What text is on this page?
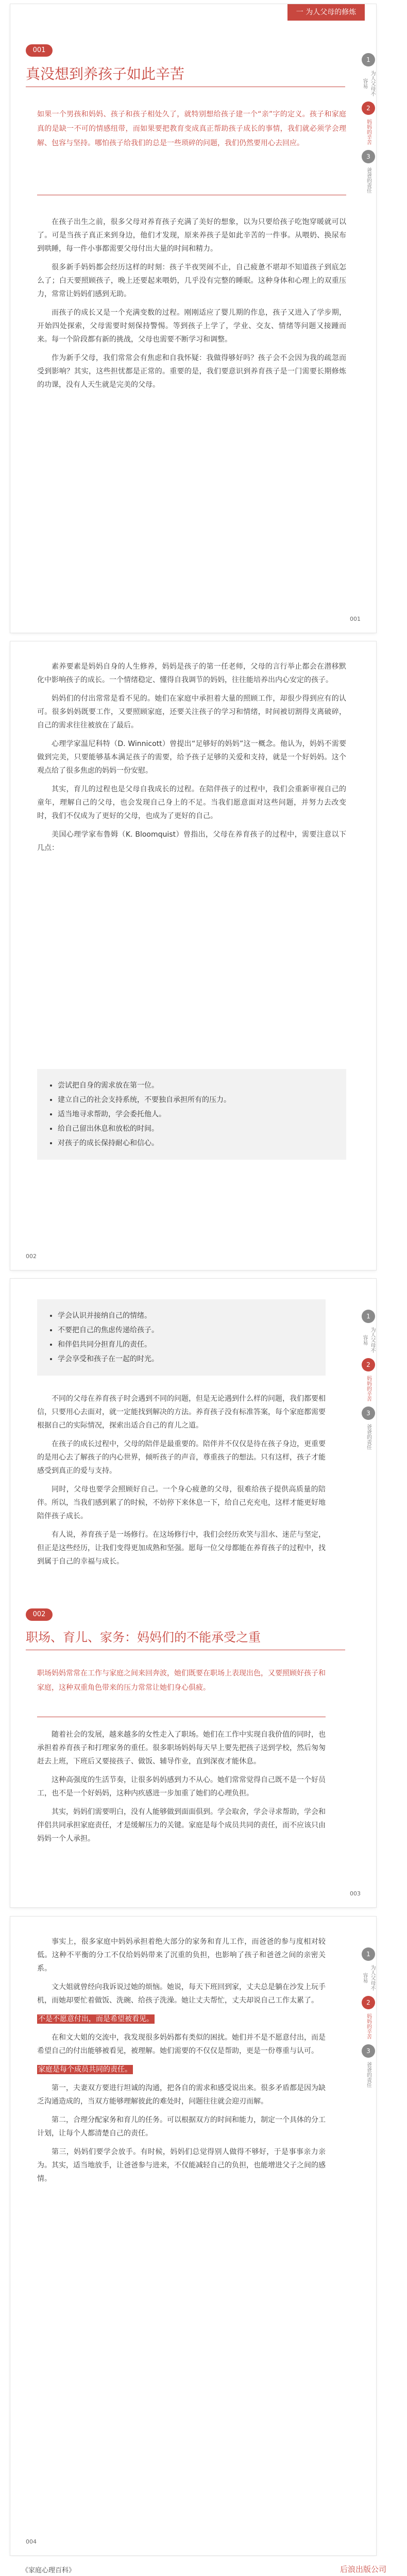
一 为人父母的修炼
1
为人父母不容易
2
妈妈的辛苦
3
爸爸的责任
001
真没想到养孩子如此辛苦
如果一个男孩和妈妈、孩子和孩子相处久了，就特别想给孩子建一个“亲”字的定义。孩子和家庭真的是缺一不可的情感纽带，而如果要把教育变成真正帮助孩子成长的事情，我们就必须学会理解、包容与坚持。哪怕孩子给我们的总是一些琐碎的问题，我们仍然要用心去回应。

在孩子出生之前，很多父母对养育孩子充满了美好的想象，以为只要给孩子吃饱穿暖就可以了。可是当孩子真正来到身边，他们才发现，原来养孩子是如此辛苦的一件事。从喂奶、换尿布到哄睡，每一件小事都需要父母付出大量的时间和精力。

很多新手妈妈都会经历这样的时刻：孩子半夜哭闹不止，自己疲惫不堪却不知道孩子到底怎么了；白天要照顾孩子，晚上还要起来喂奶，几乎没有完整的睡眠。这种身体和心理上的双重压力，常常让妈妈们感到无助。

而孩子的成长又是一个充满变数的过程。刚刚适应了婴儿期的作息，孩子又进入了学步期，开始四处探索，父母需要时刻保持警惕。等到孩子上学了，学业、交友、情绪等问题又接踵而来。每一个阶段都有新的挑战，父母也需要不断学习和调整。

作为新手父母，我们常常会有焦虑和自我怀疑：我做得够好吗？孩子会不会因为我的疏忽而受到影响？其实，这些担忧都是正常的。重要的是，我们要意识到养育孩子是一门需要长期修炼的功课，没有人天生就是完美的父母。

001

素养要素是妈妈自身的人生修养，妈妈是孩子的第一任老师，父母的言行举止都会在潜移默化中影响孩子的成长。一个情绪稳定、懂得自我调节的妈妈，往往能培养出内心安定的孩子。

妈妈们的付出常常是看不见的。她们在家庭中承担着大量的照顾工作，却很少得到应有的认可。很多妈妈既要工作，又要照顾家庭，还要关注孩子的学习和情绪，时间被切割得支离破碎，自己的需求往往被放在了最后。

心理学家温尼科特（D. Winnicott）曾提出“足够好的妈妈”这一概念。他认为，妈妈不需要做到完美，只要能够基本满足孩子的需要，给予孩子足够的关爱和支持，就是一个好妈妈。这个观点给了很多焦虑的妈妈一份安慰。

其实，育儿的过程也是父母自我成长的过程。在陪伴孩子的过程中，我们会重新审视自己的童年，理解自己的父母，也会发现自己身上的不足。当我们愿意面对这些问题，并努力去改变时，我们不仅成为了更好的父母，也成为了更好的自己。

美国心理学家布鲁姆（K. Bloomquist）曾指出，父母在养育孩子的过程中，需要注意以下几点：

• 尝试把自身的需求放在第一位。
• 建立自己的社会支持系统，不要独自承担所有的压力。
• 适当地寻求帮助，学会委托他人。
• 给自己留出休息和放松的时间。
• 对孩子的成长保持耐心和信心。
002
1
为人父母不容易
2
妈妈的辛苦
3
爸爸的责任
• 学会认识并接纳自己的情绪。
• 不要把自己的焦虑传递给孩子。
• 和伴侣共同分担育儿的责任。
• 学会享受和孩子在一起的时光。

不同的父母在养育孩子时会遇到不同的问题，但是无论遇到什么样的问题，我们都要相信，只要用心去面对，就一定能找到解决的方法。养育孩子没有标准答案，每个家庭都需要根据自己的实际情况，探索出适合自己的育儿之道。

在孩子的成长过程中，父母的陪伴是最重要的。陪伴并不仅仅是待在孩子身边，更重要的是用心去了解孩子的内心世界，倾听孩子的声音，尊重孩子的想法。只有这样，孩子才能感受到真正的爱与支持。

同时，父母也要学会照顾好自己。一个身心疲惫的父母，很难给孩子提供高质量的陪伴。所以，当我们感到累了的时候，不妨停下来休息一下，给自己充充电，这样才能更好地陪伴孩子成长。

有人说，养育孩子是一场修行。在这场修行中，我们会经历欢笑与泪水、迷茫与坚定，但正是这些经历，让我们变得更加成熟和坚强。愿每一位父母都能在养育孩子的过程中，找到属于自己的幸福与成长。

002
职场、育儿、家务：妈妈们的不能承受之重
职场妈妈常常在工作与家庭之间来回奔波，她们既要在职场上表现出色，又要照顾好孩子和家庭，这种双重角色带来的压力常常让她们身心俱疲。

随着社会的发展，越来越多的女性走入了职场。她们在工作中实现自我价值的同时，也承担着养育孩子和打理家务的重任。很多职场妈妈每天早上要先把孩子送到学校，然后匆匆赶去上班，下班后又要接孩子、做饭、辅导作业，直到深夜才能休息。

这种高强度的生活节奏，让很多妈妈感到力不从心。她们常常觉得自己既不是一个好员工，也不是一个好妈妈，这种内疚感进一步加重了她们的心理负担。

其实，妈妈们需要明白，没有人能够做到面面俱到。学会取舍，学会寻求帮助，学会和伴侣共同承担家庭责任，才是缓解压力的关键。家庭是每个成员共同的责任，而不应该只由妈妈一个人承担。

003
1
为人父母不容易
2
妈妈的辛苦
3
爸爸的责任

事实上，很多家庭中妈妈承担着绝大部分的家务和育儿工作，而爸爸的参与度相对较低。这种不平衡的分工不仅给妈妈带来了沉重的负担，也影响了孩子和爸爸之间的亲密关系。

文大姐就曾经向我诉说过她的烦恼。她说，每天下班回到家，丈夫总是躺在沙发上玩手机，而她却要忙着做饭、洗碗、给孩子洗澡。她让丈夫帮忙，丈夫却说自己工作太累了。

不是不愿意付出，而是希望被看见。

在和文大姐的交流中，我发现很多妈妈都有类似的困扰。她们并不是不愿意付出，而是希望自己的付出能够被看见，被理解。她们需要的不仅仅是帮助，更是一份尊重与认可。

家庭是每个成员共同的责任。

第一，夫妻双方要进行坦诚的沟通，把各自的需求和感受说出来。很多矛盾都是因为缺乏沟通造成的，当双方能够理解彼此的难处时，问题往往就会迎刃而解。

第二，合理分配家务和育儿的任务。可以根据双方的时间和能力，制定一个具体的分工计划，让每个人都清楚自己的责任。

第三，妈妈们要学会放手。有时候，妈妈们总觉得别人做得不够好，于是事事亲力亲为。其实，适当地放手，让爸爸参与进来，不仅能减轻自己的负担，也能增进父子之间的感情。

004
《家庭心理百科》	后浪出版公司
